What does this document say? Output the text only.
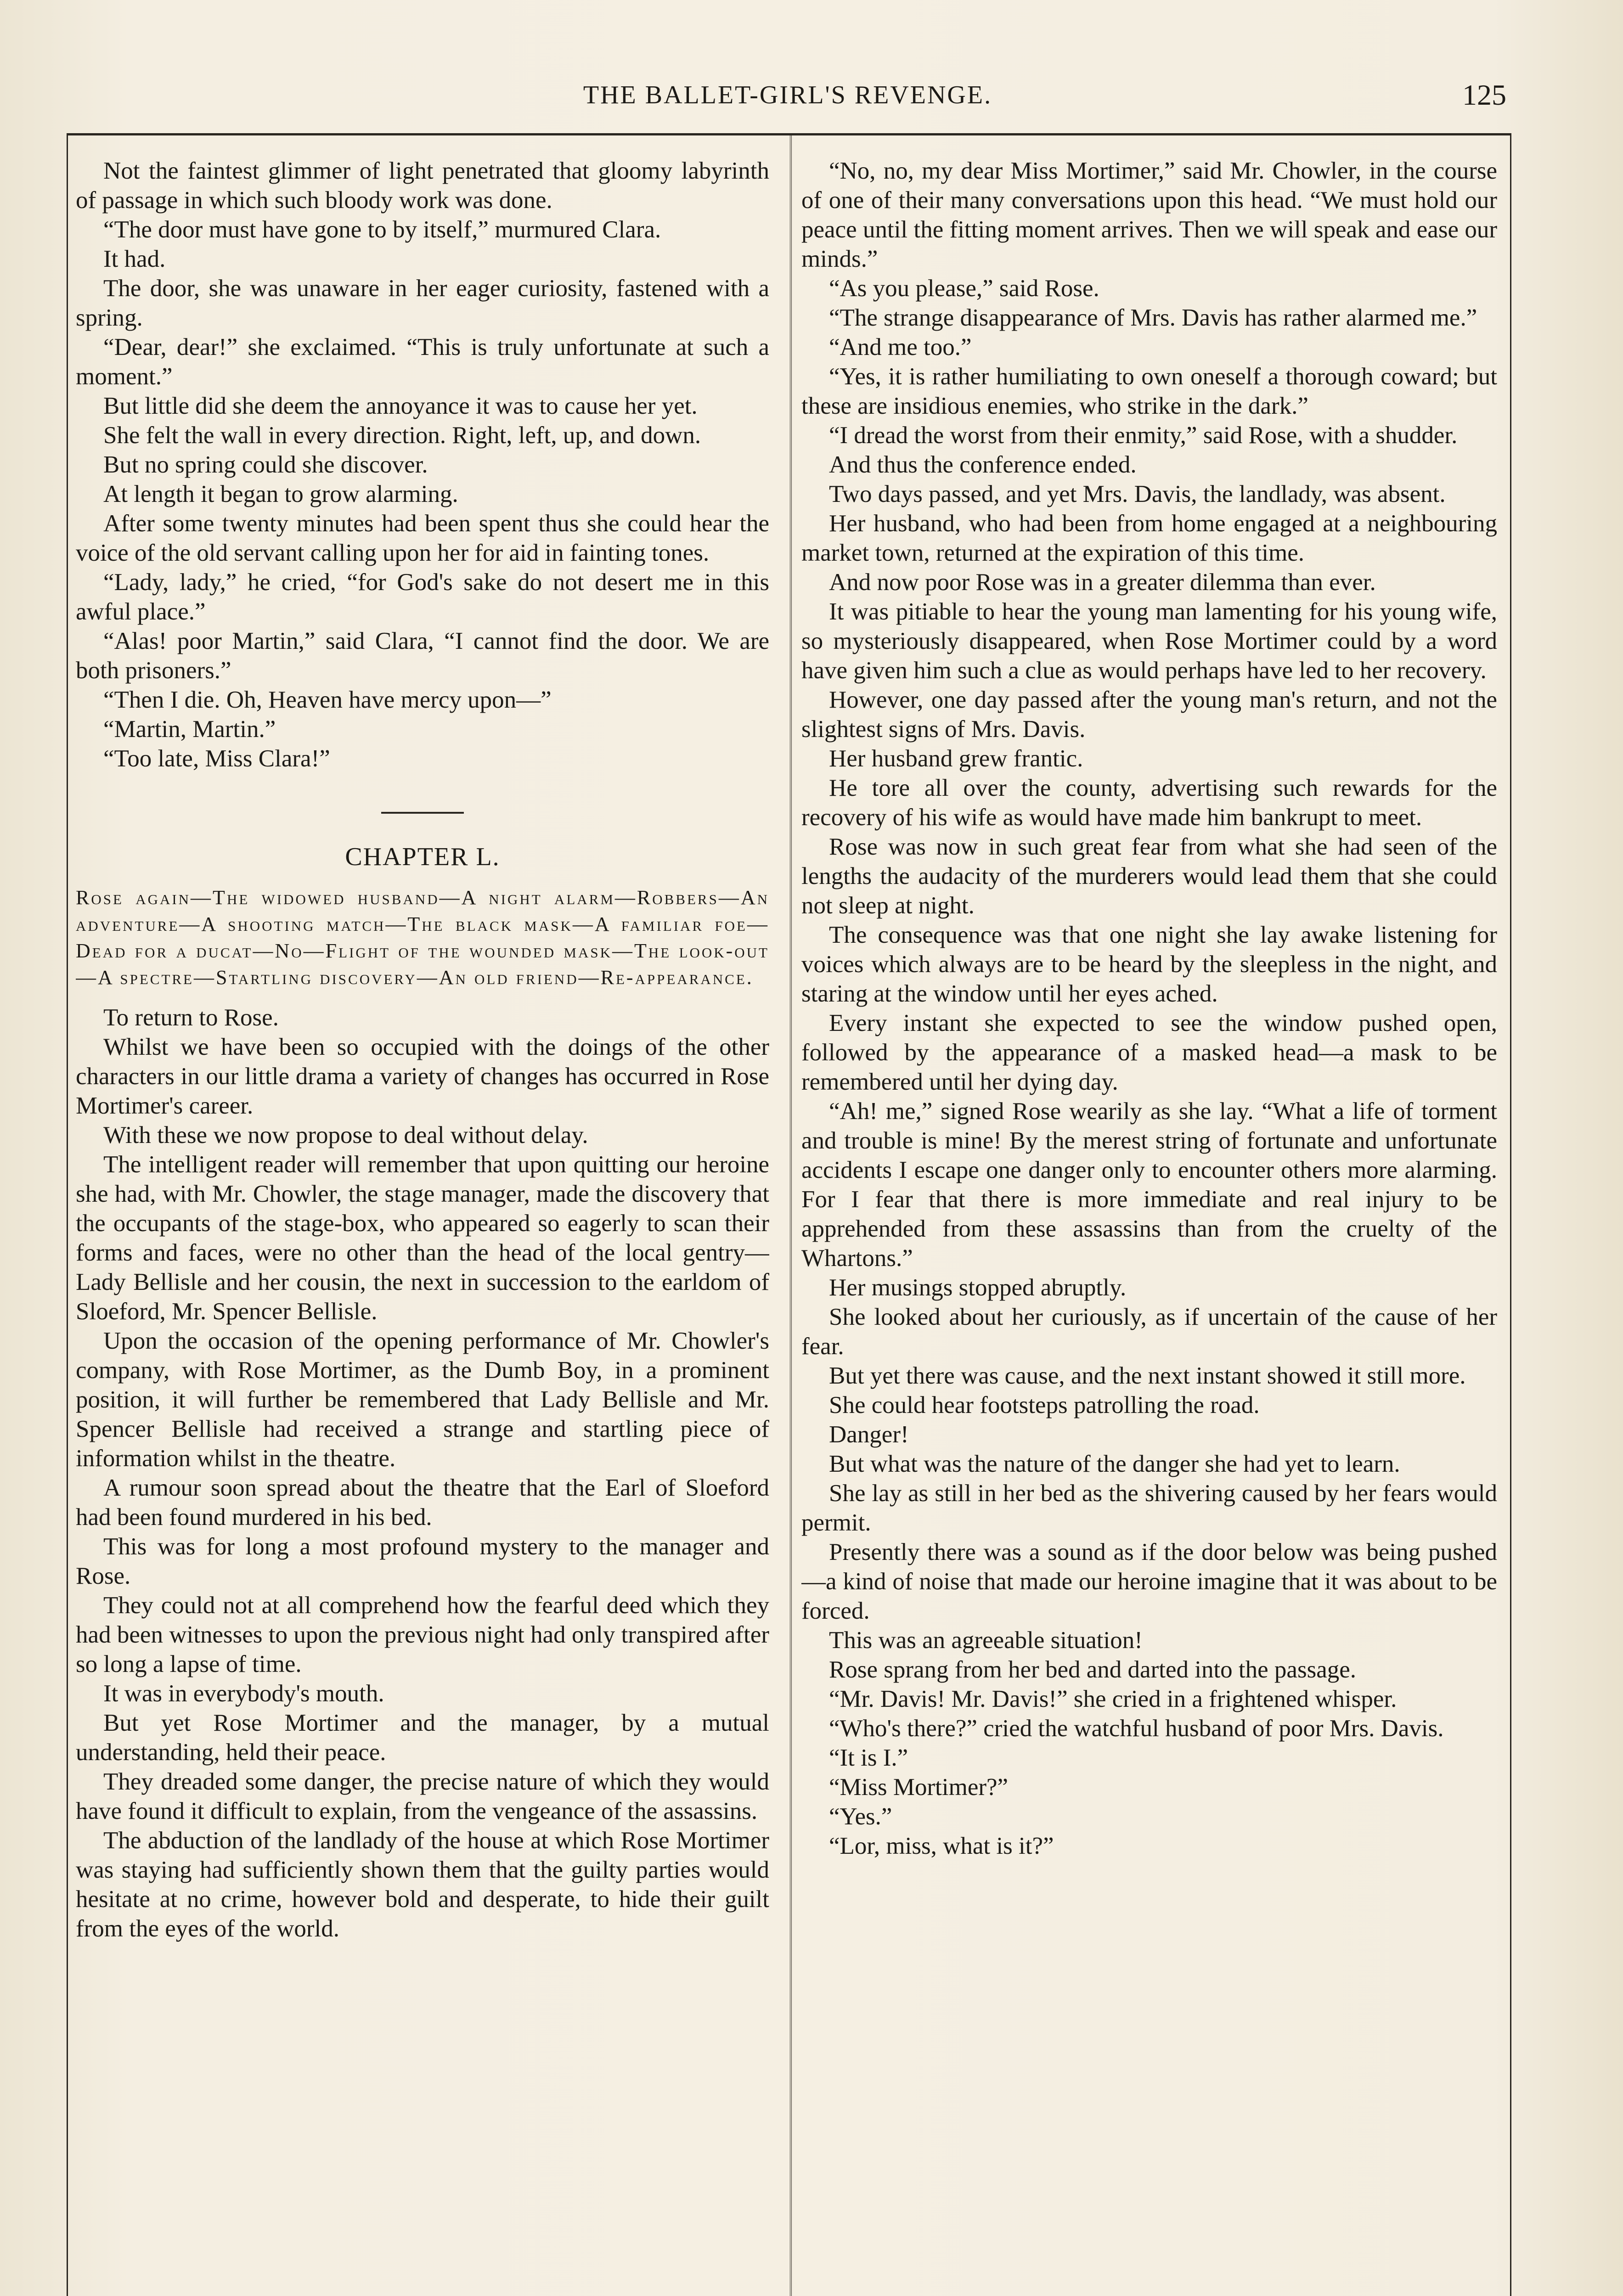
THE BALLET-GIRL'S REVENGE.	125

Not the faintest glimmer of light penetrated that gloomy labyrinth of passage in which such bloody work was done.

“The door must have gone to by itself,” murmured Clara.

It had.

The door, she was unaware in her eager curiosity, fastened with a spring.

“Dear, dear!” she exclaimed. “This is truly unfortunate at such a moment.”

But little did she deem the annoyance it was to cause her yet.

She felt the wall in every direction. Right, left, up, and down.

But no spring could she discover.

At length it began to grow alarming.

After some twenty minutes had been spent thus she could hear the voice of the old servant calling upon her for aid in fainting tones.

“Lady, lady,” he cried, “for God's sake do not desert me in this awful place.”

“Alas! poor Martin,” said Clara, “I cannot find the door. We are both prisoners.”

“Then I die. Oh, Heaven have mercy upon—”

“Martin, Martin.”

“Too late, Miss Clara!”

CHAPTER L.

Rose again—The widowed husband—A night alarm—Robbers—An adventure—A shooting match—The black mask—A familiar foe—Dead for a ducat—No—Flight of the wounded mask—The look-out—A spectre—Startling discovery—An old friend—Re-appearance.

To return to Rose.

Whilst we have been so occupied with the doings of the other characters in our little drama a variety of changes has occurred in Rose Mortimer's career.

With these we now propose to deal without delay.

The intelligent reader will remember that upon quitting our heroine she had, with Mr. Chowler, the stage manager, made the discovery that the occupants of the stage-box, who appeared so eagerly to scan their forms and faces, were no other than the head of the local gentry—Lady Bellisle and her cousin, the next in succession to the earldom of Sloeford, Mr. Spencer Bellisle.

Upon the occasion of the opening performance of Mr. Chowler's company, with Rose Mortimer, as the Dumb Boy, in a prominent position, it will further be remembered that Lady Bellisle and Mr. Spencer Bellisle had received a strange and startling piece of information whilst in the theatre.

A rumour soon spread about the theatre that the Earl of Sloeford had been found murdered in his bed.

This was for long a most profound mystery to the manager and Rose.

They could not at all comprehend how the fearful deed which they had been witnesses to upon the previous night had only transpired after so long a lapse of time.

It was in everybody's mouth.

But yet Rose Mortimer and the manager, by a mutual understanding, held their peace.

They dreaded some danger, the precise nature of which they would have found it difficult to explain, from the vengeance of the assassins.

The abduction of the landlady of the house at which Rose Mortimer was staying had sufficiently shown them that the guilty parties would hesitate at no crime, however bold and desperate, to hide their guilt from the eyes of the world.

“No, no, my dear Miss Mortimer,” said Mr. Chowler, in the course of one of their many conversations upon this head. “We must hold our peace until the fitting moment arrives. Then we will speak and ease our minds.”

“As you please,” said Rose.

“The strange disappearance of Mrs. Davis has rather alarmed me.”

“And me too.”

“Yes, it is rather humiliating to own oneself a thorough coward; but these are insidious enemies, who strike in the dark.”

“I dread the worst from their enmity,” said Rose, with a shudder.

And thus the conference ended.

Two days passed, and yet Mrs. Davis, the landlady, was absent.

Her husband, who had been from home engaged at a neighbouring market town, returned at the expiration of this time.

And now poor Rose was in a greater dilemma than ever.

It was pitiable to hear the young man lamenting for his young wife, so mysteriously disappeared, when Rose Mortimer could by a word have given him such a clue as would perhaps have led to her recovery.

However, one day passed after the young man's return, and not the slightest signs of Mrs. Davis.

Her husband grew frantic.

He tore all over the county, advertising such rewards for the recovery of his wife as would have made him bankrupt to meet.

Rose was now in such great fear from what she had seen of the lengths the audacity of the murderers would lead them that she could not sleep at night.

The consequence was that one night she lay awake listening for voices which always are to be heard by the sleepless in the night, and staring at the window until her eyes ached.

Every instant she expected to see the window pushed open, followed by the appearance of a masked head—a mask to be remembered until her dying day.

“Ah! me,” signed Rose wearily as she lay. “What a life of torment and trouble is mine! By the merest string of fortunate and unfortunate accidents I escape one danger only to encounter others more alarming. For I fear that there is more immediate and real injury to be apprehended from these assassins than from the cruelty of the Whartons.”

Her musings stopped abruptly.

She looked about her curiously, as if uncertain of the cause of her fear.

But yet there was cause, and the next instant showed it still more.

She could hear footsteps patrolling the road.

Danger!

But what was the nature of the danger she had yet to learn.

She lay as still in her bed as the shivering caused by her fears would permit.

Presently there was a sound as if the door below was being pushed—a kind of noise that made our heroine imagine that it was about to be forced.

This was an agreeable situation!

Rose sprang from her bed and darted into the passage.

“Mr. Davis! Mr. Davis!” she cried in a frightened whisper.

“Who's there?” cried the watchful husband of poor Mrs. Davis.

“It is I.”

“Miss Mortimer?”

“Yes.”

“Lor, miss, what is it?”
